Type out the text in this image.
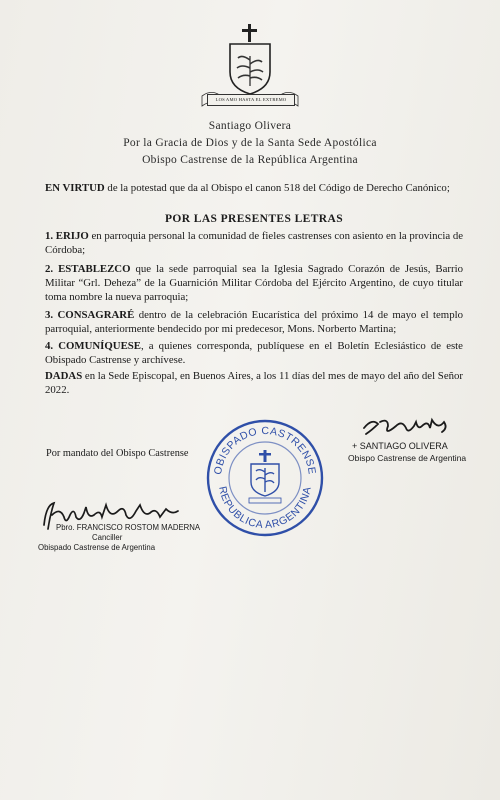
LOS AMO HASTA EL EXTREMO
Santiago Olivera
Por la Gracia de Dios y de la Santa Sede Apostólica
Obispo Castrense de la República Argentina
EN VIRTUD de la potestad que da al Obispo el canon 518 del Código de Derecho Canónico;
POR LAS PRESENTES LETRAS
1. ERIJO en parroquia personal la comunidad de fieles castrenses con asiento en la provincia de Córdoba;
2. ESTABLEZCO que la sede parroquial sea la Iglesia Sagrado Corazón de Jesús, Barrio Militar “Grl. Deheza” de la Guarnición Militar Córdoba del Ejército Argentino, de cuyo titular toma nombre la nueva parroquia;
3. CONSAGRARÉ dentro de la celebración Eucarística del próximo 14 de mayo el templo parroquial, anteriormente bendecido por mi predecesor, Mons. Norberto Martina;
4. COMUNÍQUESE, a quienes corresponda, publíquese en el Boletín Eclesiástico de este Obispado Castrense y archívese.
DADAS en la Sede Episcopal, en Buenos Aires, a los 11 días del mes de mayo del año del Señor 2022.
+ SANTIAGO OLIVERA
Obispo Castrense de Argentina
Por mandato del Obispo Castrense
OBISPADO CASTRENSE
REPUBLICA ARGENTINA
Pbro. FRANCISCO ROSTOM MADERNA
Canciller
Obispado Castrense de Argentina
